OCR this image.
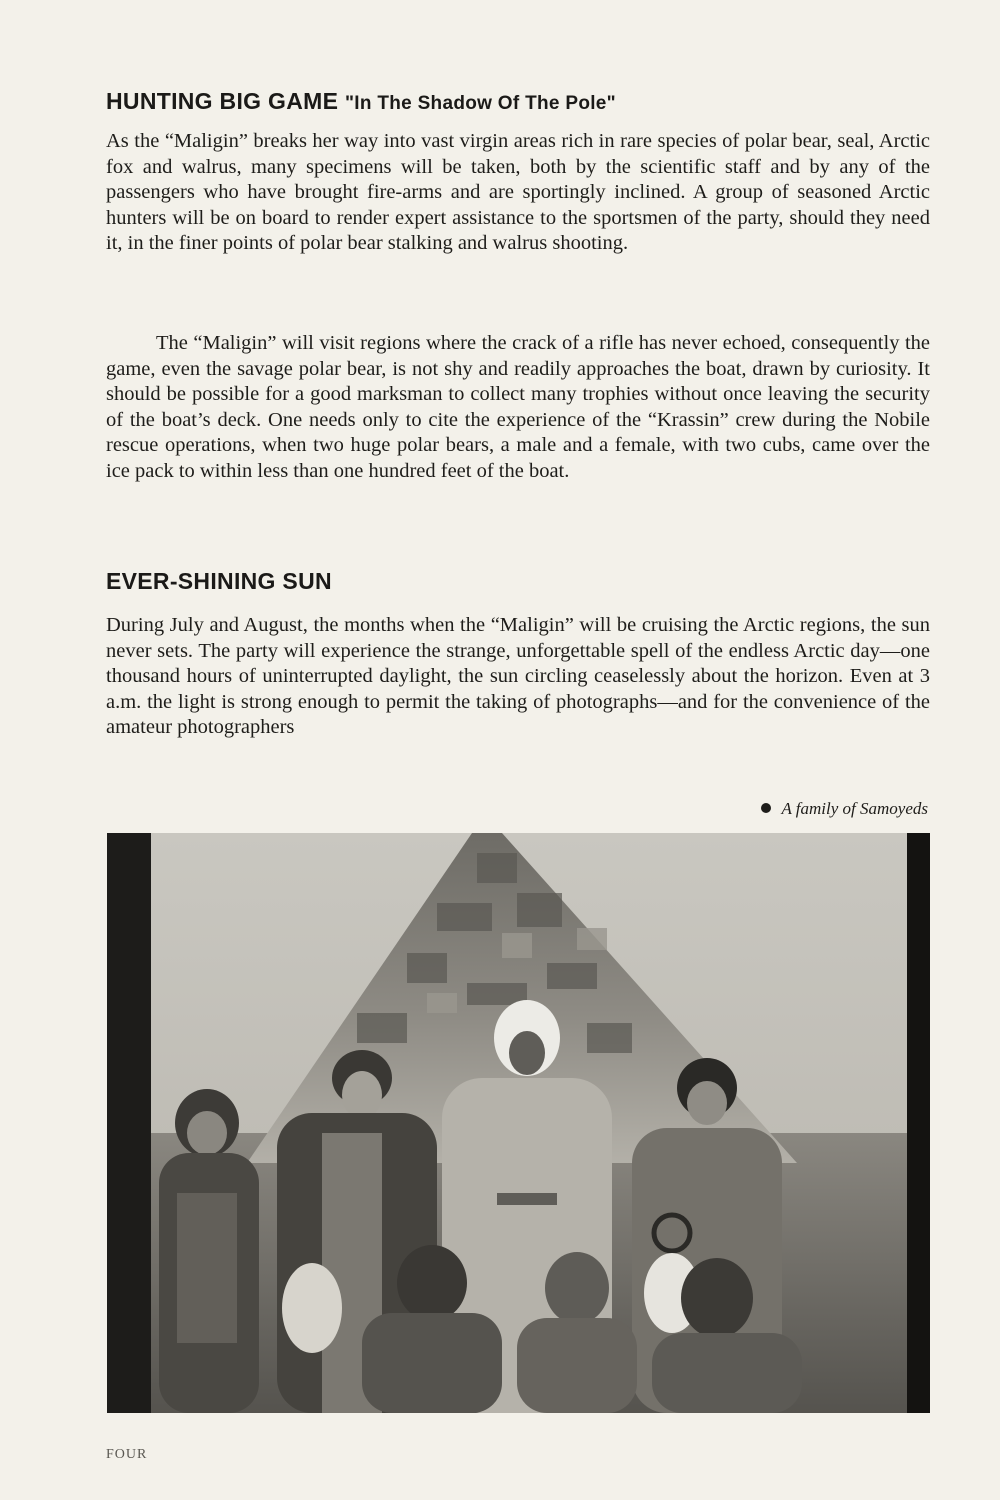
HUNTING BIG GAME "In The Shadow Of The Pole"

As the “Maligin” breaks her way into vast virgin areas rich in rare species of polar bear, seal, Arctic fox and walrus, many specimens will be taken, both by the scientific staff and by any of the passengers who have brought fire-arms and are sportingly inclined. A group of seasoned Arctic hunters will be on board to render expert assistance to the sportsmen of the party, should they need it, in the finer points of polar bear stalking and walrus shooting.

The “Maligin” will visit regions where the crack of a rifle has never echoed, consequently the game, even the savage polar bear, is not shy and readily approaches the boat, drawn by curiosity. It should be possible for a good marksman to collect many trophies without once leaving the security of the boat’s deck. One needs only to cite the experience of the “Krassin” crew during the Nobile rescue operations, when two huge polar bears, a male and a female, with two cubs, came over the ice pack to within less than one hundred feet of the boat.

EVER-SHINING SUN

During July and August, the months when the “Maligin” will be cruising the Arctic regions, the sun never sets. The party will experience the strange, unforgettable spell of the endless Arctic day—one thousand hours of uninterrupted daylight, the sun circling ceaselessly about the horizon. Even at 3 a.m. the light is strong enough to permit the taking of photographs—and for the convenience of the amateur photographers

A family of Samoyeds
FOUR
